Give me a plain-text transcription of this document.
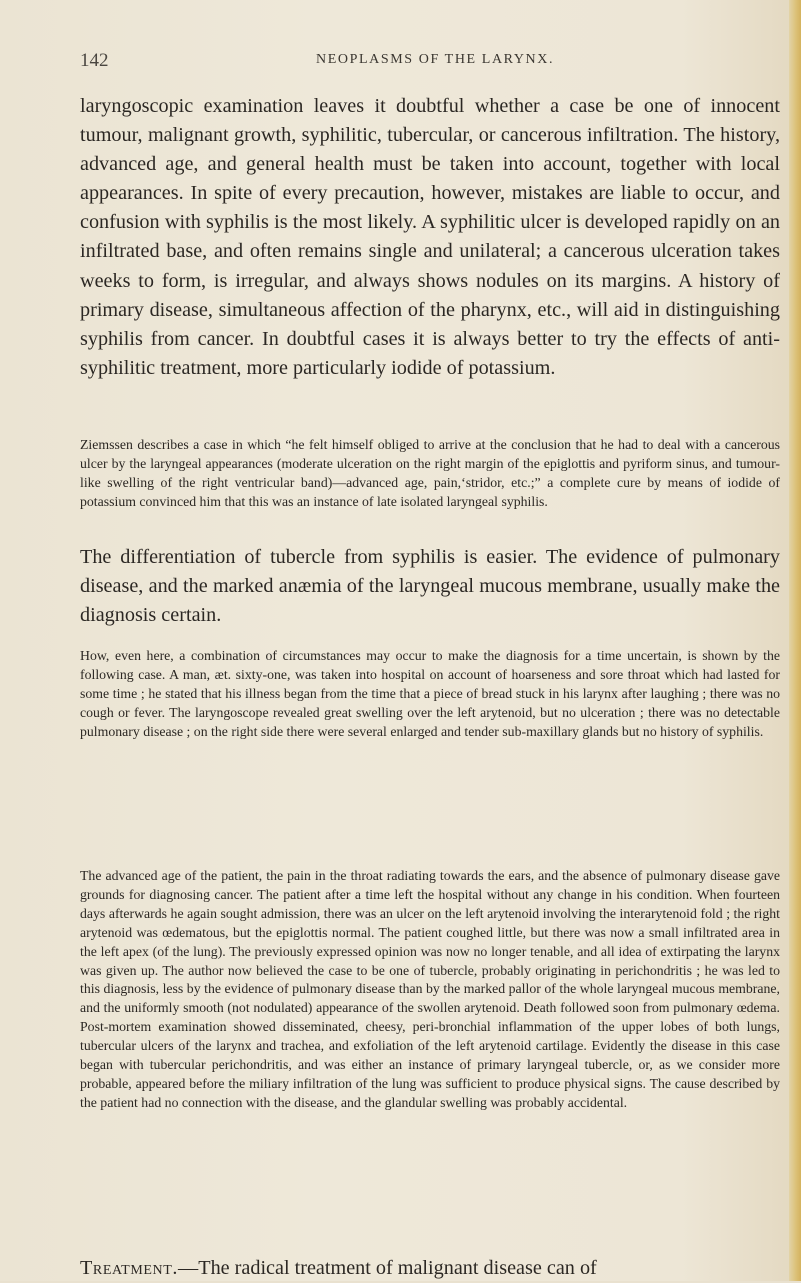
142	NEOPLASMS OF THE LARYNX.

laryngoscopic examination leaves it doubtful whether a case be one of innocent tumour, malignant growth, syphilitic, tubercular, or cancerous infiltration. The history, advanced age, and general health must be taken into account, together with local appearances. In spite of every precaution, however, mistakes are liable to occur, and confusion with syphilis is the most likely. A syphilitic ulcer is developed rapidly on an infiltrated base, and often remains single and unilateral; a cancerous ulceration takes weeks to form, is irregular, and always shows nodules on its margins. A history of primary disease, simultaneous affection of the pharynx, etc., will aid in distinguishing syphilis from cancer. In doubtful cases it is always better to try the effects of anti-syphilitic treatment, more particularly iodide of potassium.

Ziemssen describes a case in which “he felt himself obliged to arrive at the conclusion that he had to deal with a cancerous ulcer by the laryngeal appearances (moderate ulceration on the right margin of the epiglottis and pyriform sinus, and tumour-like swelling of the right ventricular band)—advanced age, pain,‘stridor, etc.;” a complete cure by means of iodide of potassium convinced him that this was an instance of late isolated laryngeal syphilis.

The differentiation of tubercle from syphilis is easier. The evidence of pulmonary disease, and the marked anæmia of the laryngeal mucous membrane, usually make the diagnosis certain.

How, even here, a combination of circumstances may occur to make the diagnosis for a time uncertain, is shown by the following case. A man, æt. sixty-one, was taken into hospital on account of hoarseness and sore throat which had lasted for some time ; he stated that his illness began from the time that a piece of bread stuck in his larynx after laughing ; there was no cough or fever. The laryngoscope revealed great swelling over the left arytenoid, but no ulceration ; there was no detectable pulmonary disease ; on the right side there were several enlarged and tender sub-maxillary glands but no history of syphilis.

The advanced age of the patient, the pain in the throat radiating towards the ears, and the absence of pulmonary disease gave grounds for diagnosing cancer. The patient after a time left the hospital without any change in his condition. When fourteen days afterwards he again sought admission, there was an ulcer on the left arytenoid involving the interarytenoid fold ; the right arytenoid was œdematous, but the epiglottis normal. The patient coughed little, but there was now a small infiltrated area in the left apex (of the lung). The previously expressed opinion was now no longer tenable, and all idea of extirpating the larynx was given up. The author now believed the case to be one of tubercle, probably originating in perichondritis ; he was led to this diagnosis, less by the evidence of pulmonary disease than by the marked pallor of the whole laryngeal mucous membrane, and the uniformly smooth (not nodulated) appearance of the swollen arytenoid. Death followed soon from pulmonary œdema. Post-mortem examination showed disseminated, cheesy, peri-bronchial inflammation of the upper lobes of both lungs, tubercular ulcers of the larynx and trachea, and exfoliation of the left arytenoid cartilage. Evidently the disease in this case began with tubercular perichondritis, and was either an instance of primary laryngeal tubercle, or, as we consider more probable, appeared before the miliary infiltration of the lung was sufficient to produce physical signs. The cause described by the patient had no connection with the disease, and the glandular swelling was probably accidental.

Treatment.—The radical treatment of malignant disease can of
